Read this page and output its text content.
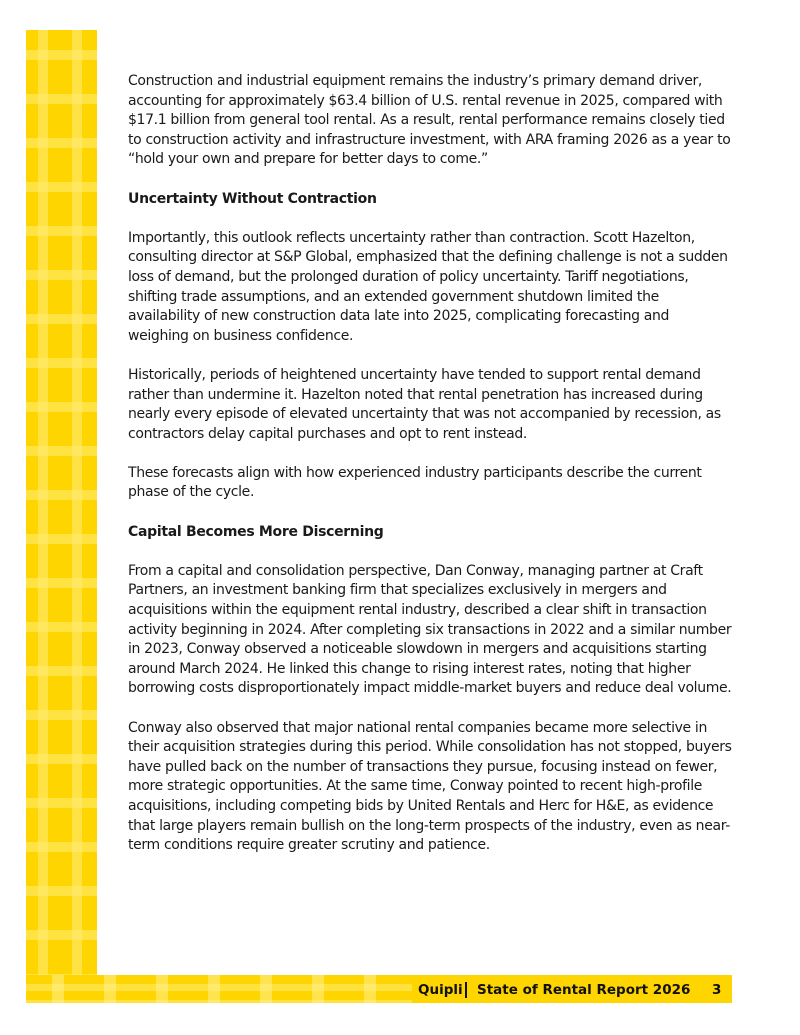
Quipli State of Rental Report 2026 3

Construction and industrial equipment remains the industry’s primary demand driver, accounting for approximately $63.4 billion of U.S. rental revenue in 2025, compared with $17.1 billion from general tool rental. As a result, rental performance remains closely tied to construction activity and infrastructure investment, with ARA framing 2026 as a year to “hold your own and prepare for better days to come.”

Uncertainty Without Contraction

Importantly, this outlook reflects uncertainty rather than contraction. Scott Hazelton, consulting director at S&P Global, emphasized that the defining challenge is not a sudden loss of demand, but the prolonged duration of policy uncertainty. Tariff negotiations, shifting trade assumptions, and an extended government shutdown limited the availability of new construction data late into 2025, complicating forecasting and weighing on business confidence.

Historically, periods of heightened uncertainty have tended to support rental demand rather than undermine it. Hazelton noted that rental penetration has increased during nearly every episode of elevated uncertainty that was not accompanied by recession, as contractors delay capital purchases and opt to rent instead.

These forecasts align with how experienced industry participants describe the current phase of the cycle.

Capital Becomes More Discerning

From a capital and consolidation perspective, Dan Conway, managing partner at Craft Partners, an investment banking firm that specializes exclusively in mergers and acquisitions within the equipment rental industry, described a clear shift in transaction activity beginning in 2024. After completing six transactions in 2022 and a similar number in 2023, Conway observed a noticeable slowdown in mergers and acquisitions starting around March 2024. He linked this change to rising interest rates, noting that higher borrowing costs disproportionately impact middle-market buyers and reduce deal volume.

Conway also observed that major national rental companies became more selective in their acquisition strategies during this period. While consolidation has not stopped, buyers have pulled back on the number of transactions they pursue, focusing instead on fewer, more strategic opportunities. At the same time, Conway pointed to recent high-profile acquisitions, including competing bids by United Rentals and Herc for H&E, as evidence that large players remain bullish on the long-term prospects of the industry, even as near-term conditions require greater scrutiny and patience.
